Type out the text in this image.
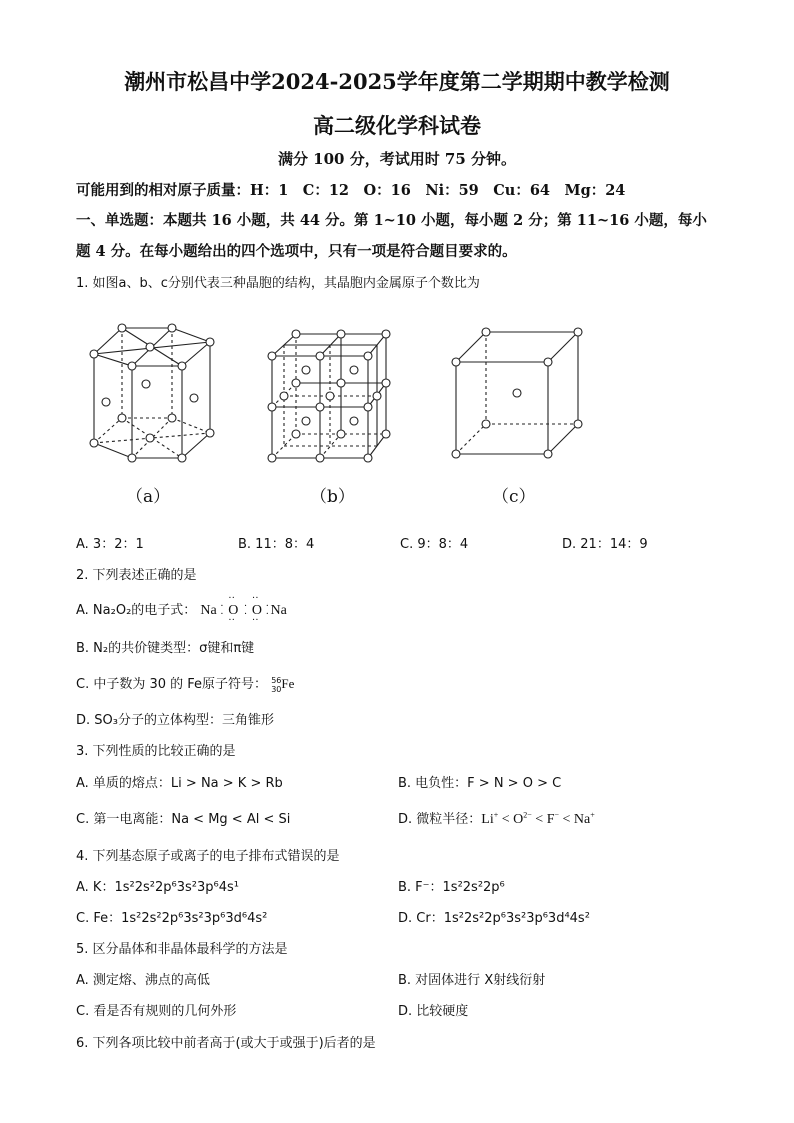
潮州市松昌中学2024-2025学年度第二学期期中教学检测
高二级化学科试卷
满分 100 分，考试用时 75 分钟。
可能用到的相对原子质量：H：1　C：12　O：16　Ni：59　Cu：64　Mg：24
一、单选题：本题共 16 小题，共 44 分。第 1~10 小题，每小题 2 分；第 11~16 小题，每小
题 4 分。在每小题给出的四个选项中，只有一项是符合题目要求的。
1. 如图a、b、c分别代表三种晶胞的结构，其晶胞内金属原子个数比为
（a）	（b）	（c）
A. 3：2：1	B. 11：8：4	C. 9：8：4	D. 21：14：9
2. 下列表述正确的是
A. Na₂O₂的电子式： Na
··
O
··
·
·

··
O
··
·
·
·
· Na
B. N₂的共价键类型：σ键和π键
C. 中子数为 30 的 Fe原子符号： 56
30Fe
D. SO₃分子的立体构型：三角锥形
3. 下列性质的比较正确的是
A. 单质的熔点：Li > Na > K > Rb	B. 电负性：F > N > O > C
C. 第一电离能：Na < Mg < Al < Si	D. 微粒半径：$Li^+ < O^{2-} < F^- < Na^+$
4. 下列基态原子或离子的电子排布式错误的是
A. K：1s²2s²2p⁶3s²3p⁶4s¹	B. F⁻：1s²2s²2p⁶
C. Fe：1s²2s²2p⁶3s²3p⁶3d⁶4s²	D. Cr：1s²2s²2p⁶3s²3p⁶3d⁴4s²
5. 区分晶体和非晶体最科学的方法是
A. 测定熔、沸点的高低	B. 对固体进行 X射线衍射
C. 看是否有规则的几何外形	D. 比较硬度
6. 下列各项比较中前者高于(或大于或强于)后者的是
